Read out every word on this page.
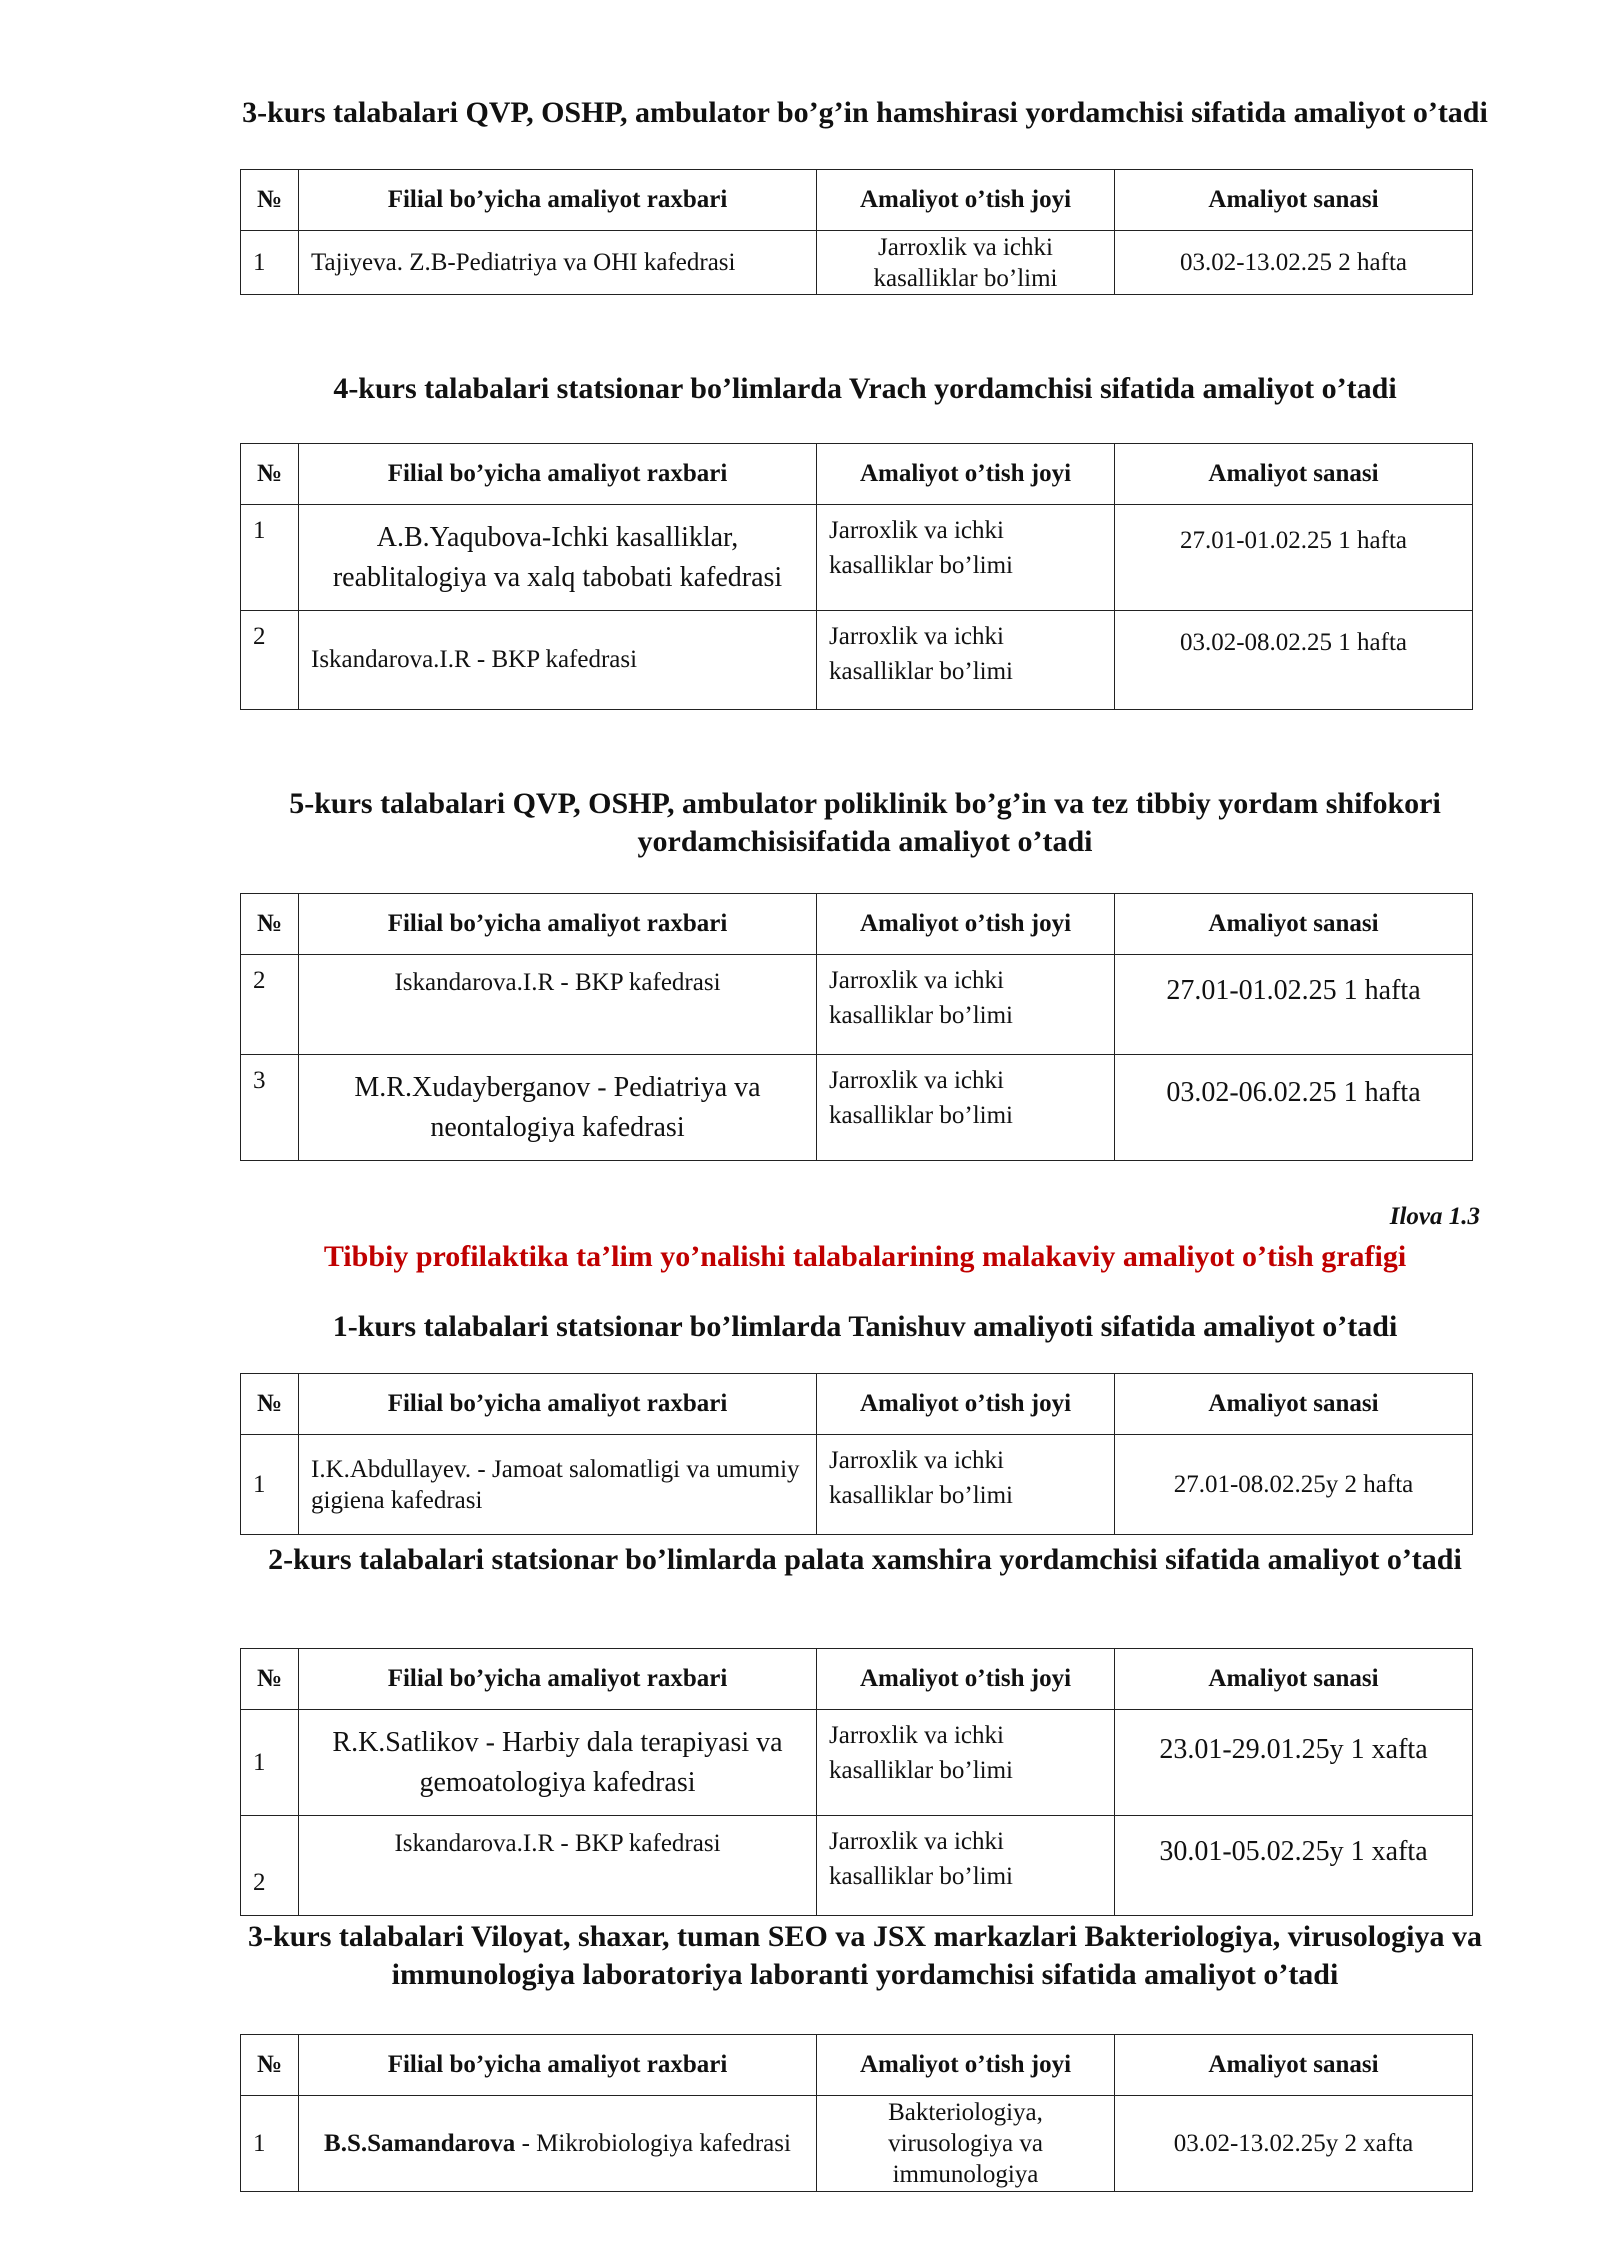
3-kurs talabalari QVP, OSHP, ambulator bo’g’in hamshirasi yordamchisi sifatida amaliyot o’tadi
№	Filial bo’yicha amaliyot raxbari	Amaliyot o’tish joyi	Amaliyot sanasi
1	Tajiyeva. Z.B-Pediatriya va OHI kafedrasi	Jarroxlik va ichki kasalliklar bo’limi	03.02-13.02.25 2 hafta
4-kurs talabalari statsionar bo’limlarda Vrach yordamchisi sifatida amaliyot o’tadi
№	Filial bo’yicha amaliyot raxbari	Amaliyot o’tish joyi	Amaliyot sanasi
1	A.B.Yaqubova-Ichki kasalliklar, reablitalogiya va xalq tabobati kafedrasi	Jarroxlik va ichki kasalliklar bo’limi	27.01-01.02.25 1 hafta
2	Iskandarova.I.R - BKP kafedrasi	Jarroxlik va ichki kasalliklar bo’limi	03.02-08.02.25 1 hafta
5-kurs talabalari QVP, OSHP, ambulator poliklinik bo’g’in va tez tibbiy yordam shifokori yordamchisisifatida amaliyot o’tadi
№	Filial bo’yicha amaliyot raxbari	Amaliyot o’tish joyi	Amaliyot sanasi
2	Iskandarova.I.R - BKP kafedrasi	Jarroxlik va ichki kasalliklar bo’limi	27.01-01.02.25 1 hafta
3	M.R.Xudayberganov - Pediatriya va neontalogiya kafedrasi	Jarroxlik va ichki kasalliklar bo’limi	03.02-06.02.25 1 hafta
Ilova 1.3
Tibbiy profilaktika ta’lim yo’nalishi talabalarining malakaviy amaliyot o’tish grafigi
1-kurs talabalari statsionar bo’limlarda Tanishuv amaliyoti sifatida amaliyot o’tadi
№	Filial bo’yicha amaliyot raxbari	Amaliyot o’tish joyi	Amaliyot sanasi
1	I.K.Abdullayev. - Jamoat salomatligi va umumiy gigiena kafedrasi	Jarroxlik va ichki kasalliklar bo’limi	27.01-08.02.25y 2 hafta
2-kurs talabalari statsionar bo’limlarda palata xamshira yordamchisi sifatida amaliyot o’tadi
№	Filial bo’yicha amaliyot raxbari	Amaliyot o’tish joyi	Amaliyot sanasi
1	R.K.Satlikov - Harbiy dala terapiyasi va gemoatologiya kafedrasi	Jarroxlik va ichki kasalliklar bo’limi	23.01-29.01.25y 1 xafta
2	Iskandarova.I.R - BKP kafedrasi	Jarroxlik va ichki kasalliklar bo’limi	30.01-05.02.25y 1 xafta
3-kurs talabalari Viloyat, shaxar, tuman SEO va JSX markazlari Bakteriologiya, virusologiya va immunologiya laboratoriya laboranti yordamchisi sifatida amaliyot o’tadi
№	Filial bo’yicha amaliyot raxbari	Amaliyot o’tish joyi	Amaliyot sanasi
1	B.S.Samandarova - Mikrobiologiya kafedrasi	Bakteriologiya, virusologiya va immunologiya	03.02-13.02.25y 2 xafta
